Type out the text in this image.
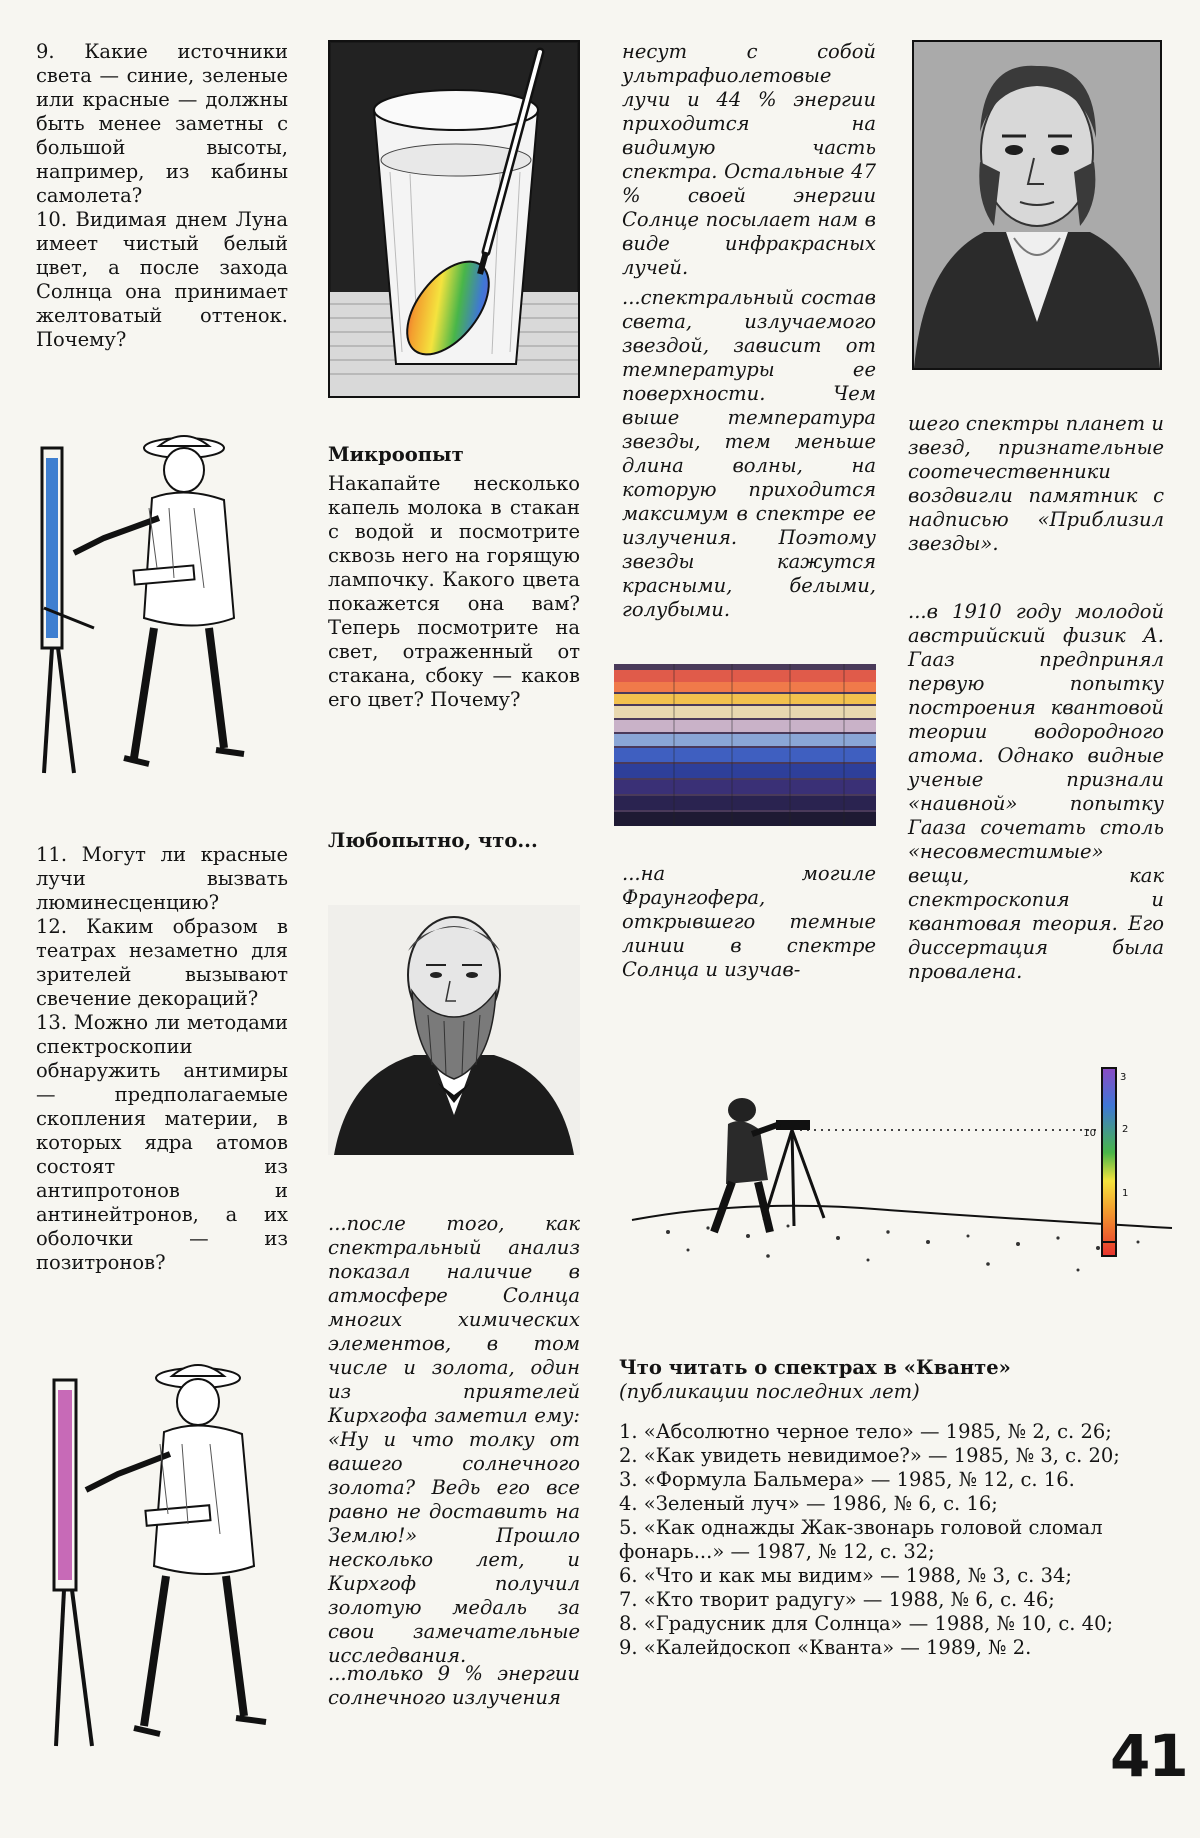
9. Какие источники света — синие, зеленые или красные — должны быть менее заметны с большой высоты, например, из кабины самолета?

10. Видимая днем Луна имеет чистый белый цвет, а после захода Солнца она принимает желтоватый оттенок. Почему?

11. Могут ли красные лучи вызвать люминесценцию?

12. Каким образом в театрах незаметно для зрителей вызывают свечение декораций?

13. Можно ли методами спектроскопии обнаружить антимиры — предполагаемые скопления материи, в которых ядра атомов состоят из антипротонов и антинейтронов, а их оболочки — из позитронов?

Микроопыт

Накапайте несколько капель молока в стакан с водой и посмотрите сквозь него на горящую лампочку. Какого цвета покажется она вам? Теперь посмотрите на свет, отраженный от стакана, сбоку — каков его цвет? Почему?

Любопытно, что...

...после того, как спектральный анализ показал наличие в атмосфере Солнца многих химических элементов, в том числе и золота, один из приятелей Кирхгофа заметил ему: «Ну и что толку от вашего солнечного золота? Ведь его все равно не доставить на Землю!» Прошло несколько лет, и Кирхгоф получил золотую медаль за свои замечательные исследвания.

...только 9 % энергии солнечного излучения

несут с собой ультрафиолетовые лучи и 44 % энергии приходится на видимую часть спектра. Остальные 47 % своей энергии Солнце посылает нам в виде инфракрасных лучей.

...спектральный состав света, излучаемого звездой, зависит от температуры ее поверхности. Чем выше температура звезды, тем меньше длина волны, на которую приходится максимум в спектре ее излучения. Поэтому звезды кажутся красными, белыми, голубыми.

...на могиле Фраунгофера, открывшего темные линии в спектре Солнца и изучав-

шего спектры планет и звезд, признательные соотечественники воздвигли памятник с надписью «Приблизил звезды».

...в 1910 году молодой австрийский физик А. Гааз предпринял первую попытку построения квантовой теории водородного атома. Однако видные ученые признали «наивной» попытку Гааза сочетать столь «несовместимые» вещи, как спектроскопия и квантовая теория. Его диссертация была провалена.

3
2
1
10

Что читать о спектрах в «Кванте»

(публикации последних лет)

1. «Абсолютно черное тело» — 1985, № 2, с. 26;

2. «Как увидеть невидимое?» — 1985, № 3, с. 20;

3. «Формула Бальмера» — 1985, № 12, с. 16.

4. «Зеленый луч» — 1986, № 6, с. 16;

5. «Как однажды Жак-звонарь головой сломал фонарь...» — 1987, № 12, с. 32;

6. «Что и как мы видим» — 1988, № 3, с. 34;

7. «Кто творит радугу» — 1988, № 6, с. 46;

8. «Градусник для Солнца» — 1988, № 10, с. 40;

9. «Калейдоскоп «Кванта» — 1989, № 2.

41
